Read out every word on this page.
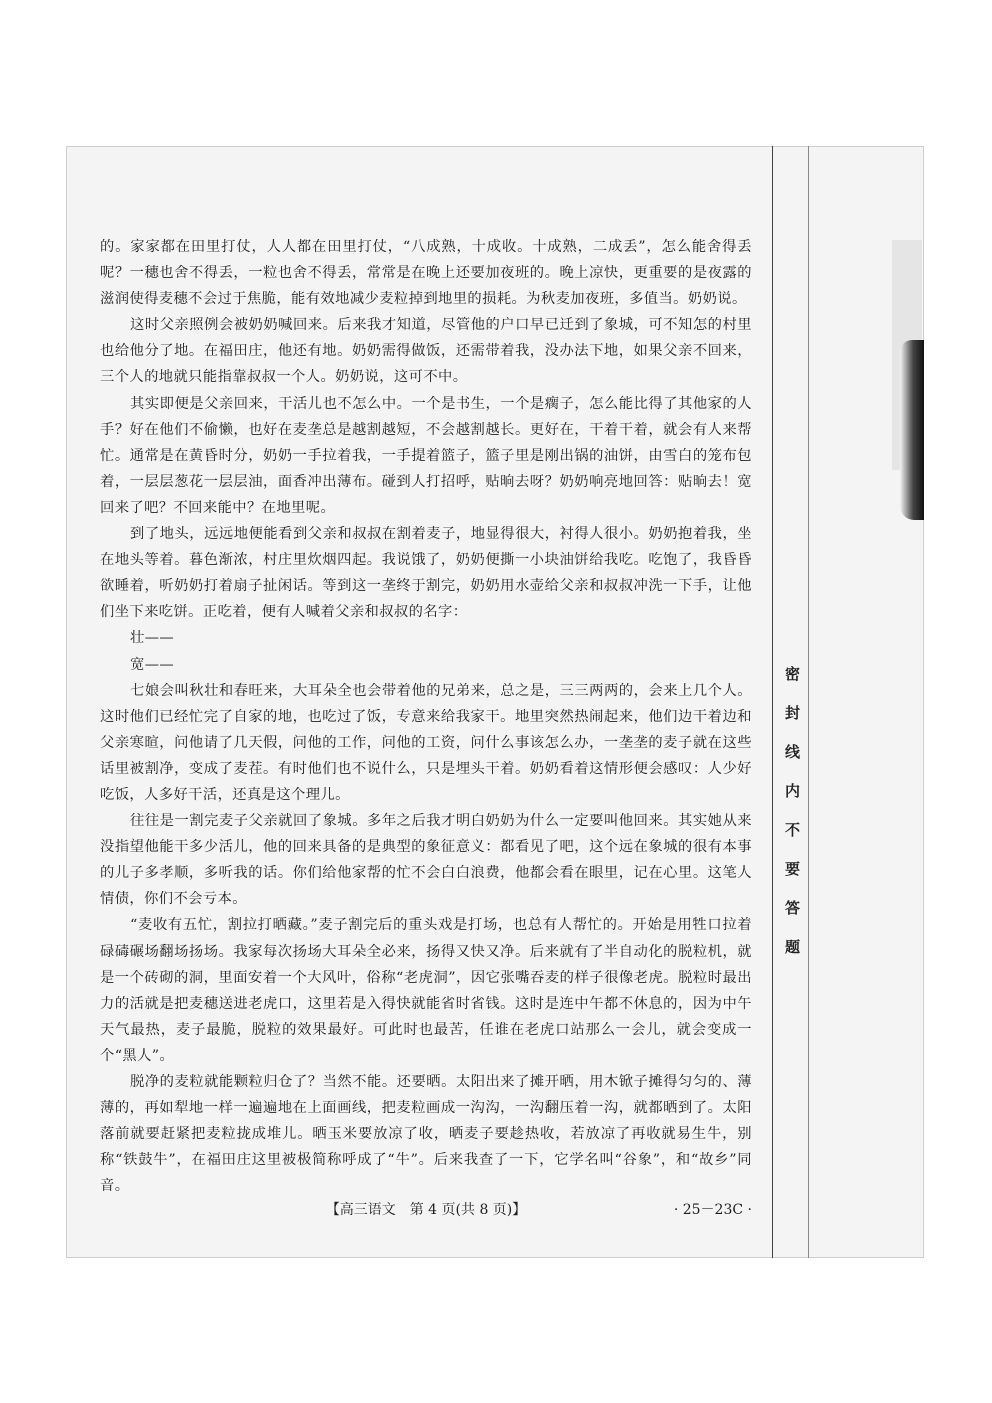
的。家家都在田里打仗，人人都在田里打仗，“八成熟，十成收。十成熟，二成丢”，怎么能舍得丢呢？一穗也舍不得丢，一粒也舍不得丢，常常是在晚上还要加夜班的。晚上凉快，更重要的是夜露的滋润使得麦穗不会过于焦脆，能有效地减少麦粒掉到地里的损耗。为秋麦加夜班，多值当。奶奶说。

这时父亲照例会被奶奶喊回来。后来我才知道，尽管他的户口早已迁到了象城，可不知怎的村里也给他分了地。在福田庄，他还有地。奶奶需得做饭，还需带着我，没办法下地，如果父亲不回来，三个人的地就只能指靠叔叔一个人。奶奶说，这可不中。

其实即便是父亲回来，干活儿也不怎么中。一个是书生，一个是瘸子，怎么能比得了其他家的人手？好在他们不偷懒，也好在麦垄总是越割越短，不会越割越长。更好在，干着干着，就会有人来帮忙。通常是在黄昏时分，奶奶一手拉着我，一手提着篮子，篮子里是刚出锅的油饼，由雪白的笼布包着，一层层葱花一层层油，面香冲出薄布。碰到人打招呼，贴晌去呀？奶奶响亮地回答：贴晌去！宽回来了吧？不回来能中？在地里呢。

到了地头，远远地便能看到父亲和叔叔在割着麦子，地显得很大，衬得人很小。奶奶抱着我，坐在地头等着。暮色渐浓，村庄里炊烟四起。我说饿了，奶奶便撕一小块油饼给我吃。吃饱了，我昏昏欲睡着，听奶奶打着扇子扯闲话。等到这一垄终于割完，奶奶用水壶给父亲和叔叔冲洗一下手，让他们坐下来吃饼。正吃着，便有人喊着父亲和叔叔的名字：

壮——

宽——

七娘会叫秋壮和春旺来，大耳朵全也会带着他的兄弟来，总之是，三三两两的，会来上几个人。这时他们已经忙完了自家的地，也吃过了饭，专意来给我家干。地里突然热闹起来，他们边干着边和父亲寒暄，问他请了几天假，问他的工作，问他的工资，问什么事该怎么办，一垄垄的麦子就在这些话里被割净，变成了麦茬。有时他们也不说什么，只是埋头干着。奶奶看着这情形便会感叹：人少好吃饭，人多好干活，还真是这个理儿。

往往是一割完麦子父亲就回了象城。多年之后我才明白奶奶为什么一定要叫他回来。其实她从来没指望他能干多少活儿，他的回来具备的是典型的象征意义：都看见了吧，这个远在象城的很有本事的儿子多孝顺，多听我的话。你们给他家帮的忙不会白白浪费，他都会看在眼里，记在心里。这笔人情债，你们不会亏本。

“麦收有五忙，割拉打晒藏。”麦子割完后的重头戏是打场，也总有人帮忙的。开始是用牲口拉着碌碡碾场翻场扬场。我家每次扬场大耳朵全必来，扬得又快又净。后来就有了半自动化的脱粒机，就是一个砖砌的洞，里面安着一个大风叶，俗称“老虎洞”，因它张嘴吞麦的样子很像老虎。脱粒时最出力的活就是把麦穗送进老虎口，这里若是入得快就能省时省钱。这时是连中午都不休息的，因为中午天气最热，麦子最脆，脱粒的效果最好。可此时也最苦，任谁在老虎口站那么一会儿，就会变成一个“黑人”。

脱净的麦粒就能颗粒归仓了？当然不能。还要晒。太阳出来了摊开晒，用木锨子摊得匀匀的、薄薄的，再如犁地一样一遍遍地在上面画线，把麦粒画成一沟沟，一沟翻压着一沟，就都晒到了。太阳落前就要赶紧把麦粒拢成堆儿。晒玉米要放凉了收，晒麦子要趁热收，若放凉了再收就易生牛，别称“铁鼓牛”，在福田庄这里被极简称呼成了“牛”。后来我查了一下，它学名叫“谷象”，和“故乡”同音。

【高三语文　第 4 页(共 8 页)】	· 25－23C ·
密封线内不要答题
